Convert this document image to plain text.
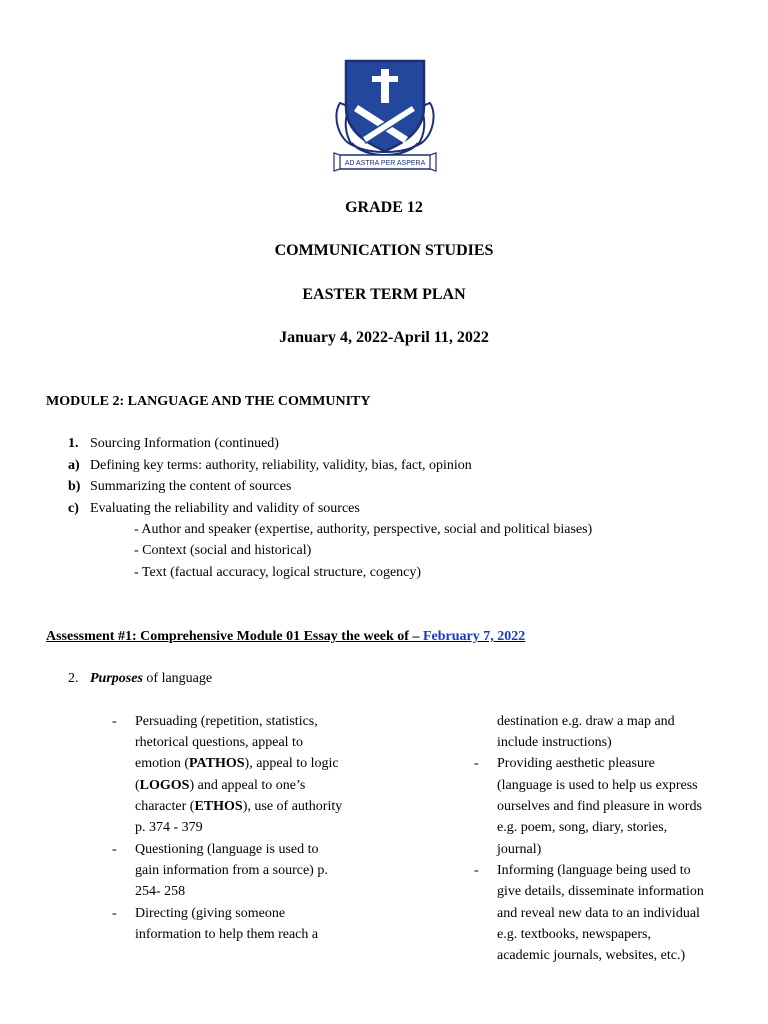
AD ASTRA PER ASPERA
GRADE 12
COMMUNICATION STUDIES
EASTER TERM PLAN
January 4, 2022-April 11, 2022
MODULE 2: LANGUAGE AND THE COMMUNITY
1. Sourcing Information (continued)
a) Defining key terms: authority, reliability, validity, bias, fact, opinion
b) Summarizing the content of sources
c) Evaluating the reliability and validity of sources
- Author and speaker (expertise, authority, perspective, social and political biases)
- Context (social and historical)
- Text (factual accuracy, logical structure, cogency)
Assessment #1: Comprehensive Module 01 Essay the week of – February 7, 2022
2. Purposes of language
- Persuading (repetition, statistics,
rhetorical questions, appeal to
emotion (PATHOS), appeal to logic
(LOGOS) and appeal to one’s
character (ETHOS), use of authority
p. 374 - 379
- Questioning (language is used to
gain information from a source) p.
254- 258
- Directing (giving someone
information to help them reach a
destination e.g. draw a map and
include instructions)
- Providing aesthetic pleasure
(language is used to help us express
ourselves and find pleasure in words
e.g. poem, song, diary, stories,
journal)
- Informing (language being used to
give details, disseminate information
and reveal new data to an individual
e.g. textbooks, newspapers,
academic journals, websites, etc.)
